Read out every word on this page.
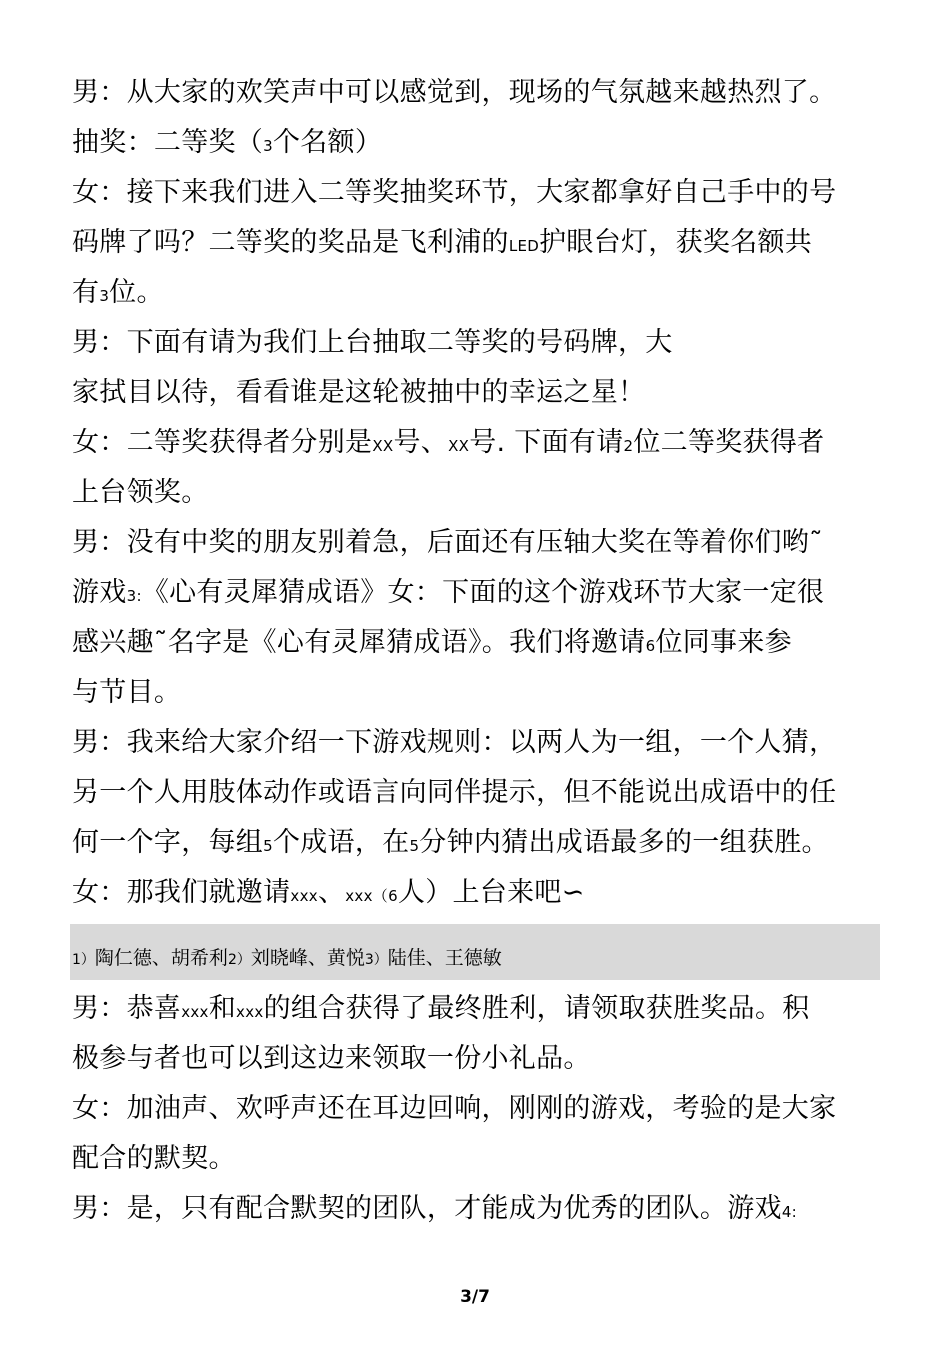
男：从大家的欢笑声中可以感觉到，现场的气氛越来越热烈了。
抽奖：二等奖（3个名额）
女：接下来我们进入二等奖抽奖环节，大家都拿好自己手中的号
码牌了吗？二等奖的奖品是飞利浦的LED护眼台灯，获奖名额共
有3位。
男：下面有请为我们上台抽取二等奖的号码牌，大
家拭目以待，看看谁是这轮被抽中的幸运之星！
女：二等奖获得者分别是XX号、XX号. 下面有请2位二等奖获得者
上台领奖。
男：没有中奖的朋友别着急，后面还有压轴大奖在等着你们哟˜
游戏3:《心有灵犀猜成语》女：下面的这个游戏环节大家一定很
感兴趣˜名字是《心有灵犀猜成语》。我们将邀请6位同事来参
与节目。
男：我来给大家介绍一下游戏规则：以两人为一组，一个人猜，
另一个人用肢体动作或语言向同伴提示，但不能说出成语中的任
何一个字，每组5个成语，在5分钟内猜出成语最多的一组获胜。
女：那我们就邀请xxx、xxx（6人）上台来吧∽
1）陶仁德、胡希利2）刘晓峰、黄悦3）陆佳、王德敏
男：恭喜xxx和xxx的组合获得了最终胜利，请领取获胜奖品。积
极参与者也可以到这边来领取一份小礼品。
女：加油声、欢呼声还在耳边回响，刚刚的游戏，考验的是大家
配合的默契。
男：是，只有配合默契的团队，才能成为优秀的团队。游戏4:
3/7
